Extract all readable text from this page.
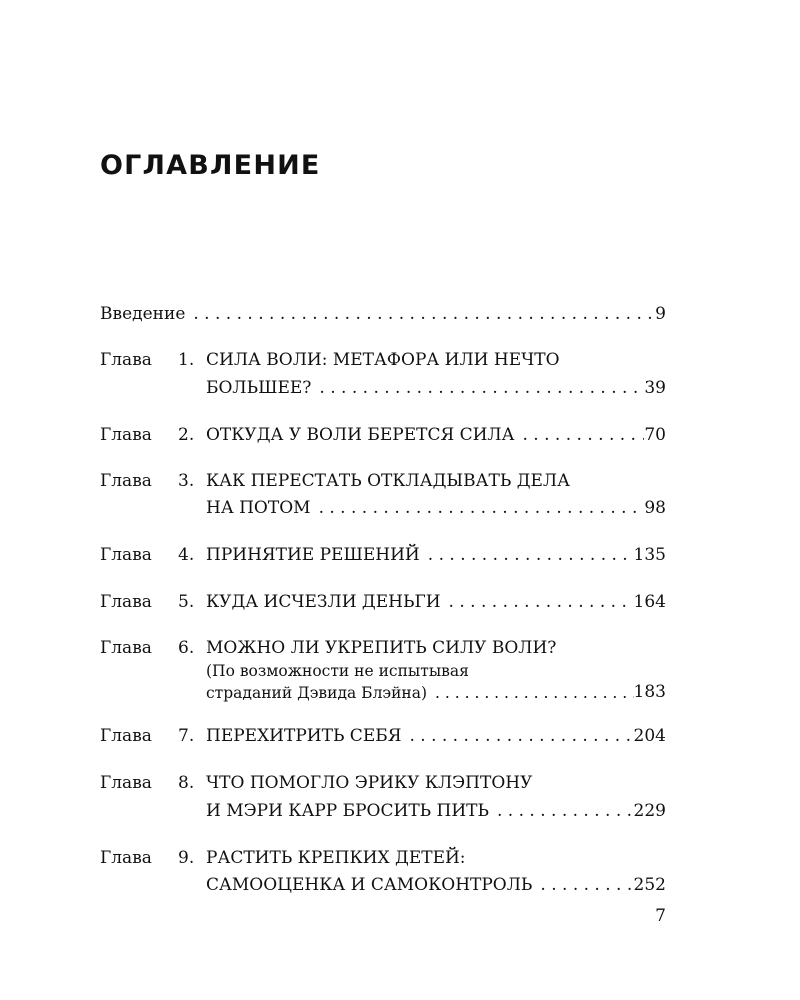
ОГЛАВЛЕНИЕ
Введение . . .	9
Глава	1. СИЛА ВОЛИ: МЕТАФОРА ИЛИ НЕЧТО
БОЛЬШЕЕ? . . .	39
Глава	2. ОТКУДА У ВОЛИ БЕРЕТСЯ СИЛА . . .	70
Глава	3. КАК ПЕРЕСТАТЬ ОТКЛАДЫВАТЬ ДЕЛА
НА ПОТОМ . . .	98
Глава	4. ПРИНЯТИЕ РЕШЕНИЙ . . .	135
Глава	5. КУДА ИСЧЕЗЛИ ДЕНЬГИ . . .	164
Глава	6. МОЖНО ЛИ УКРЕПИТЬ СИЛУ ВОЛИ?
(По возможности не испытывая
страданий Дэвида Блэйна) . . .	183
Глава	7. ПЕРЕХИТРИТЬ СЕБЯ . . .	204
Глава	8. ЧТО ПОМОГЛО ЭРИКУ КЛЭПТОНУ
И МЭРИ КАРР БРОСИТЬ ПИТЬ . . .	229
Глава	9. РАСТИТЬ КРЕПКИХ ДЕТЕЙ:
САМООЦЕНКА И САМОКОНТРОЛЬ . . .	252
7
